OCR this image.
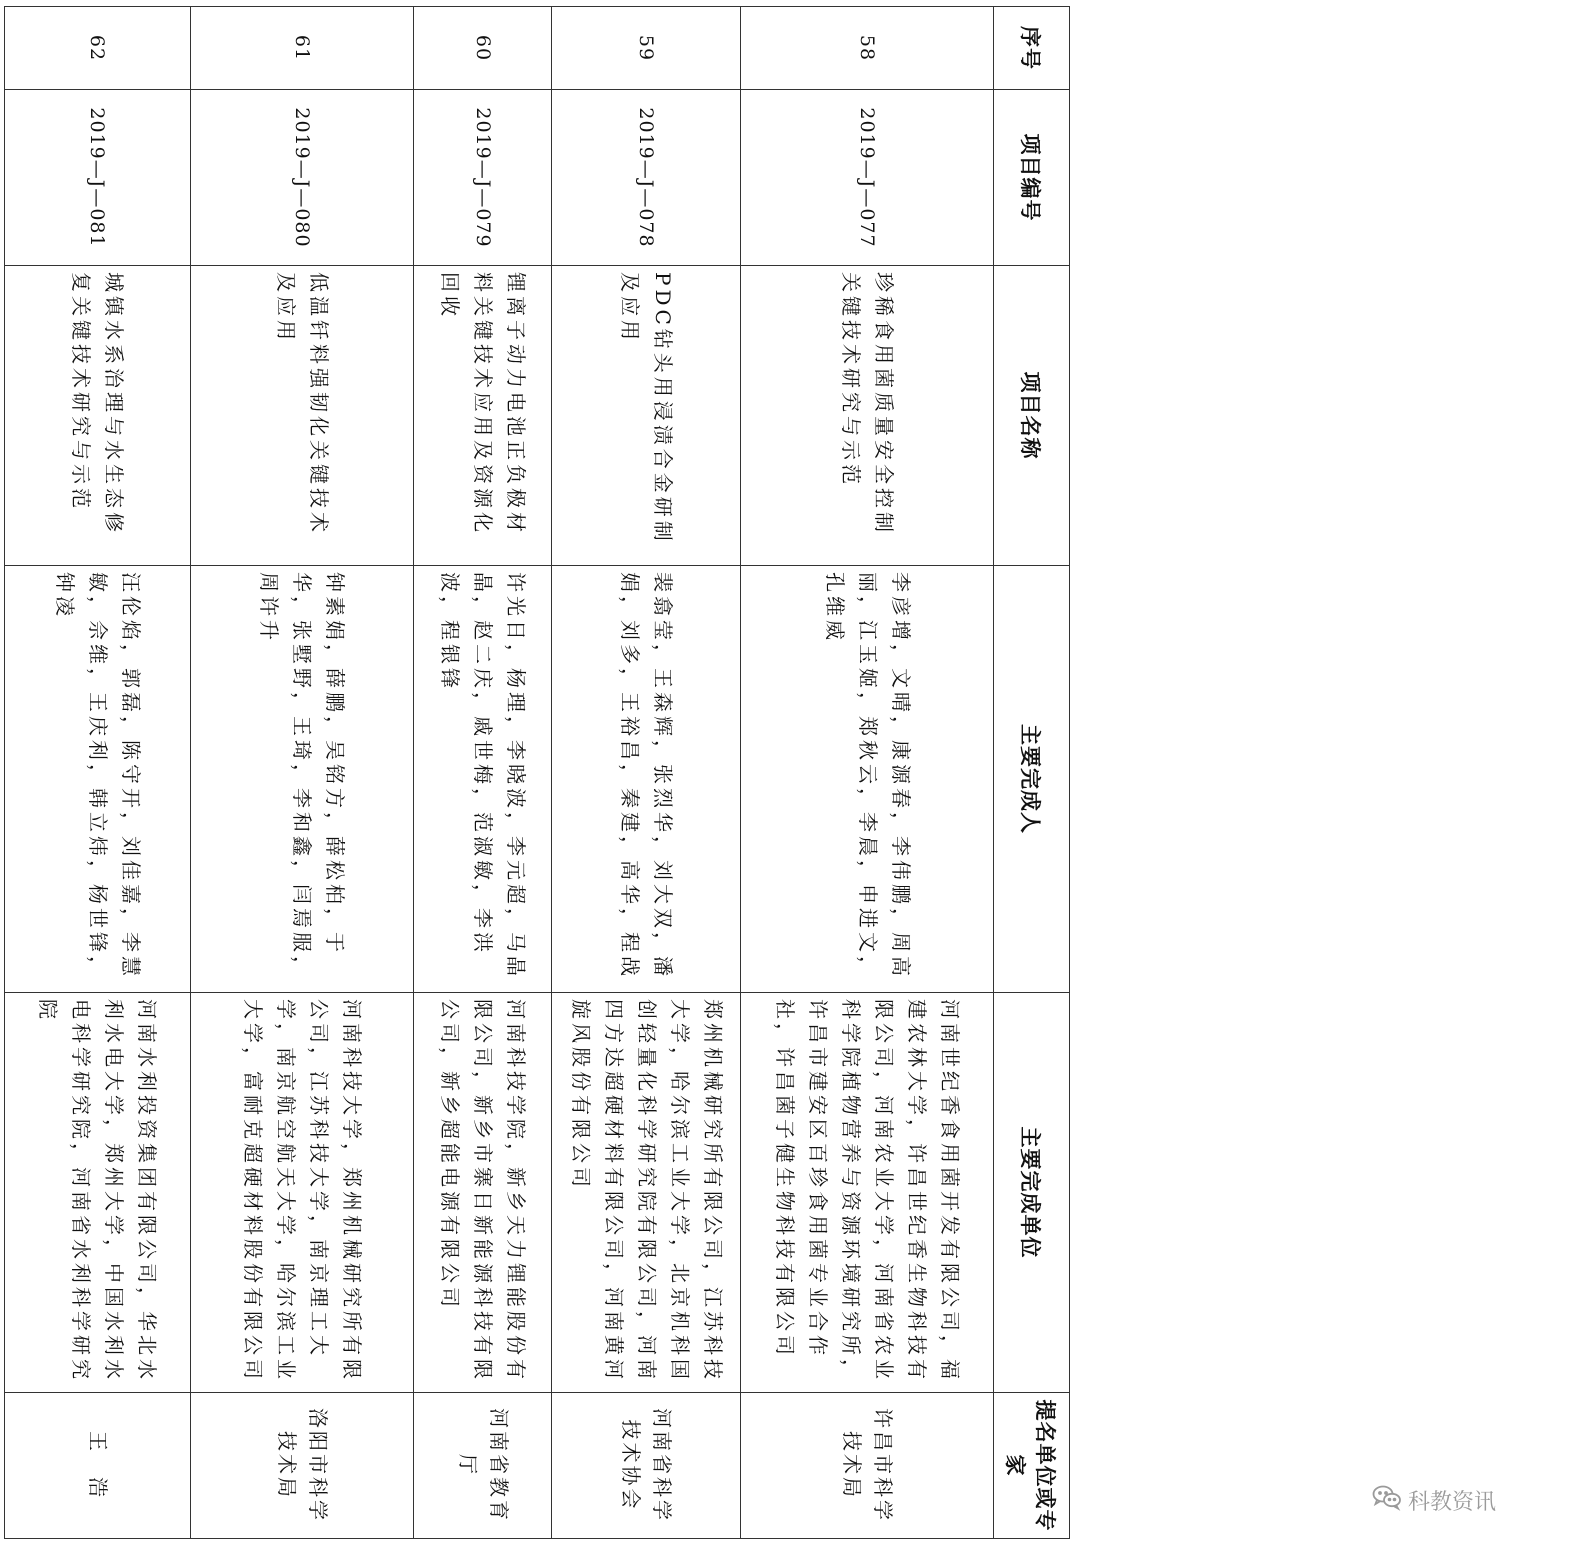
序号	项目编号	项目名称	主要完成人	主要完成单位	提名单位或专家
58	2019—J—077	珍稀食用菌质量安全控制关键技术研究与示范	李彦增，文晴，康源春，李伟鹏，周高丽，江玉姬，郑秋云，李晨，申进文，孔维威	河南世纪香食用菌开发有限公司，福建农林大学，许昌世纪香生物科技有限公司，河南农业大学，河南省农业科学院植物营养与资源环境研究所，许昌市建安区百珍食用菌专业合作社，许昌菌子健生物科技有限公司	许昌市科学技术局
59	2019—J—078	PDC钻头用浸渍合金研制及应用	裴翕莹，王森辉，张烈华，刘大双，潘娟，刘多，王裕昌，秦建，高华，程战	郑州机械研究所有限公司，江苏科技大学，哈尔滨工业大学，北京机科国创轻量化科学研究院有限公司，河南四方达超硬材料有限公司，河南黄河旋风股份有限公司	河南省科学技术协会
60	2019—J—079	锂离子动力电池正负极材料关键技术应用及资源化回收	许光日，杨理，李晓波，李元超，马晶晶，赵二庆，戚世梅，范淑敏，李洪波，程银锋	河南科技学院，新乡天力锂能股份有限公司，新乡市寨日新能源科技有限公司，新乡超能电源有限公司	河南省教育厅
61	2019—J—080	低温钎料强韧化关键技术及应用	钟素娟，薛鹏，吴铭方，薛松柏，于华，张墅野，王琦，李和鑫，闫焉服，周许升	河南科技大学，郑州机械研究所有限公司，江苏科技大学，南京理工大学，南京航空航天大学，哈尔滨工业大学，富耐克超硬材料股份有限公司	洛阳市科学技术局
62	2019—J—081	城镇水系治理与水生态修复关键技术研究与示范	汪伦焰，郭磊，陈守开，刘佳嘉，李慧敏，佘维，王庆利，韩立炜，杨世锋，钟凌	河南水利投资集团有限公司，华北水利水电大学，郑州大学，中国水利水电科学研究院，河南省水利科学研究院	王　浩
科教资讯
